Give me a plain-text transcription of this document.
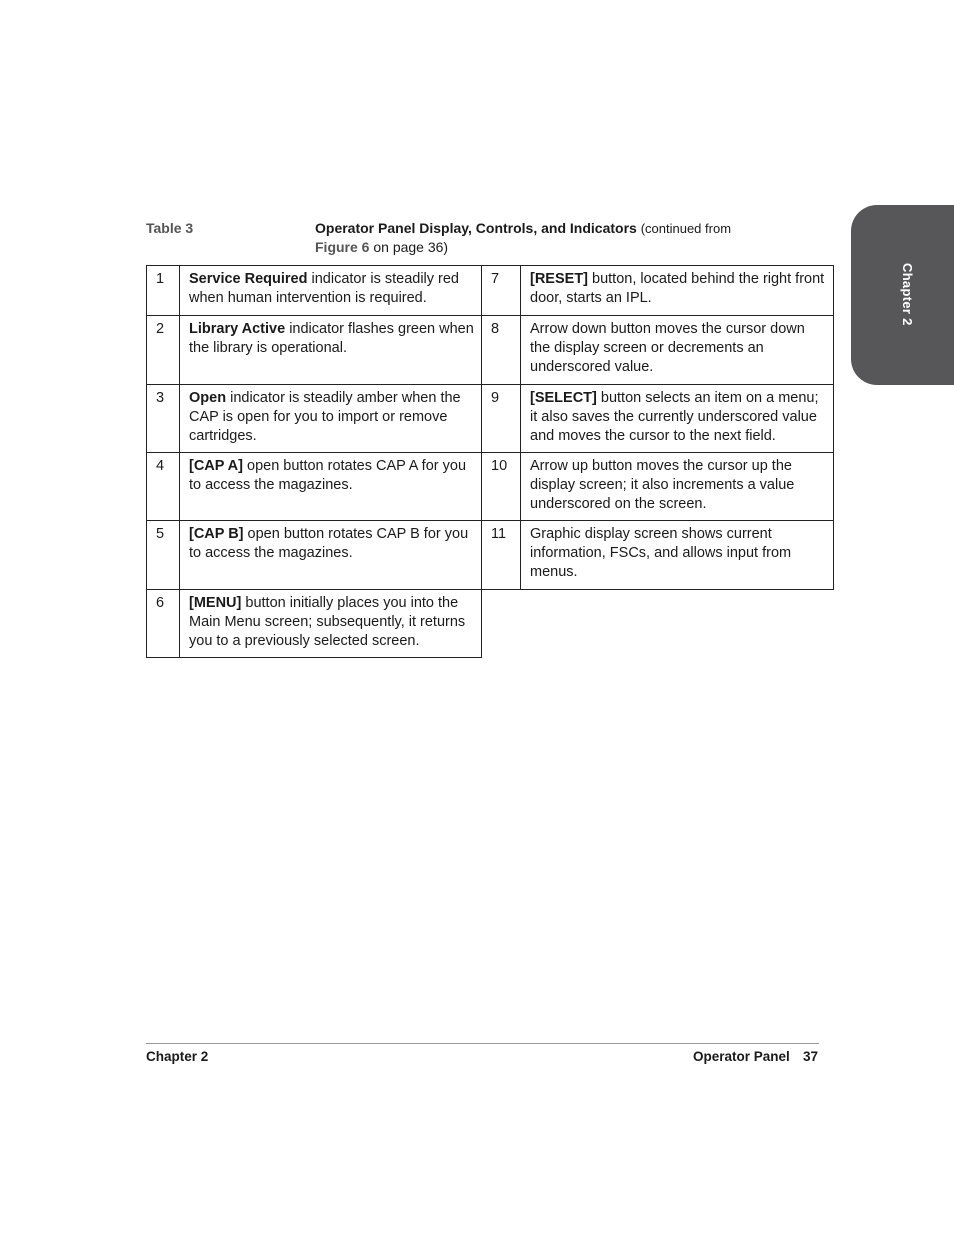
Table 3	Operator Panel Display, Controls, and Indicators (continued from
Figure 6 on page 36)
1	Service Required indicator is steadily red when human intervention is required.	7	[RESET] button, located behind the right front door, starts an IPL.
2	Library Active indicator flashes green when the library is operational.	8	Arrow down button moves the cursor down the display screen or decrements an underscored value.
3	Open indicator is steadily amber when the CAP is open for you to import or remove cartridges.	9	[SELECT] button selects an item on a menu; it also saves the currently underscored value and moves the cursor to the next field.
4	[CAP A] open button rotates CAP A for you to access the magazines.	10	Arrow up button moves the cursor up the display screen; it also increments a value underscored on the screen.
5	[CAP B] open button rotates CAP B for you to access the magazines.	11	Graphic display screen shows current information, FSCs, and allows input from menus.
6	[MENU] button initially places you into the Main Menu screen; subsequently, it returns you to a previously selected screen.		
Chapter 2
Chapter 2	Operator Panel 37
